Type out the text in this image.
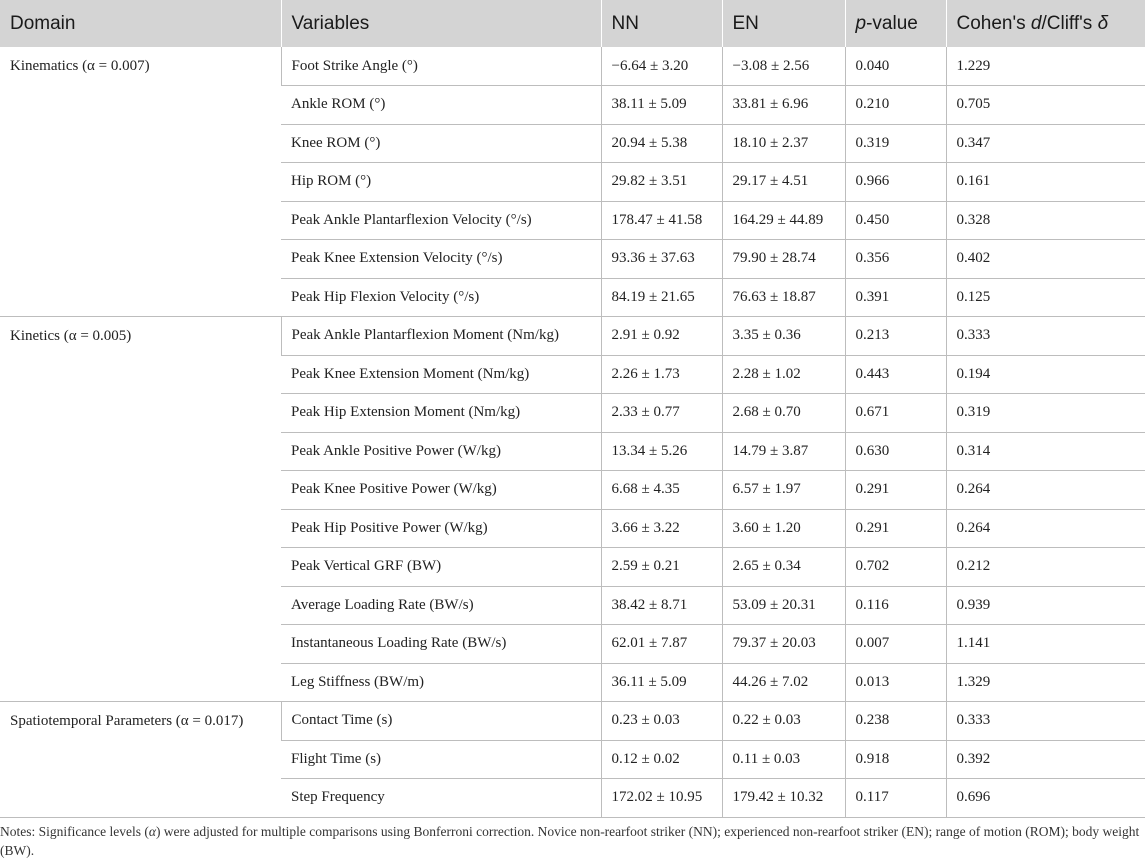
Domain	Variables	NN	EN	p-value	Cohen's d/Cliff's δ
Kinematics (α = 0.007)	Foot Strike Angle (°)	−6.64 ± 3.20	−3.08 ± 2.56	0.040	1.229
	Ankle ROM (°)	38.11 ± 5.09	33.81 ± 6.96	0.210	0.705
	Knee ROM (°)	20.94 ± 5.38	18.10 ± 2.37	0.319	0.347
	Hip ROM (°)	29.82 ± 3.51	29.17 ± 4.51	0.966	0.161
	Peak Ankle Plantarflexion Velocity (°/s)	178.47 ± 41.58	164.29 ± 44.89	0.450	0.328
	Peak Knee Extension Velocity (°/s)	93.36 ± 37.63	79.90 ± 28.74	0.356	0.402
	Peak Hip Flexion Velocity (°/s)	84.19 ± 21.65	76.63 ± 18.87	0.391	0.125
Kinetics (α = 0.005)	Peak Ankle Plantarflexion Moment (Nm/kg)	2.91 ± 0.92	3.35 ± 0.36	0.213	0.333
	Peak Knee Extension Moment (Nm/kg)	2.26 ± 1.73	2.28 ± 1.02	0.443	0.194
	Peak Hip Extension Moment (Nm/kg)	2.33 ± 0.77	2.68 ± 0.70	0.671	0.319
	Peak Ankle Positive Power (W/kg)	13.34 ± 5.26	14.79 ± 3.87	0.630	0.314
	Peak Knee Positive Power (W/kg)	6.68 ± 4.35	6.57 ± 1.97	0.291	0.264
	Peak Hip Positive Power (W/kg)	3.66 ± 3.22	3.60 ± 1.20	0.291	0.264
	Peak Vertical GRF (BW)	2.59 ± 0.21	2.65 ± 0.34	0.702	0.212
	Average Loading Rate (BW/s)	38.42 ± 8.71	53.09 ± 20.31	0.116	0.939
	Instantaneous Loading Rate (BW/s)	62.01 ± 7.87	79.37 ± 20.03	0.007	1.141
	Leg Stiffness (BW/m)	36.11 ± 5.09	44.26 ± 7.02	0.013	1.329
Spatiotemporal Parameters (α = 0.017)	Contact Time (s)	0.23 ± 0.03	0.22 ± 0.03	0.238	0.333
	Flight Time (s)	0.12 ± 0.02	0.11 ± 0.03	0.918	0.392
	Step Frequency	172.02 ± 10.95	179.42 ± 10.32	0.117	0.696
Notes: Significance levels (α) were adjusted for multiple comparisons using Bonferroni correction. Novice non-rearfoot striker (NN); experienced non-rearfoot striker (EN); range of motion (ROM); body weight (BW).
